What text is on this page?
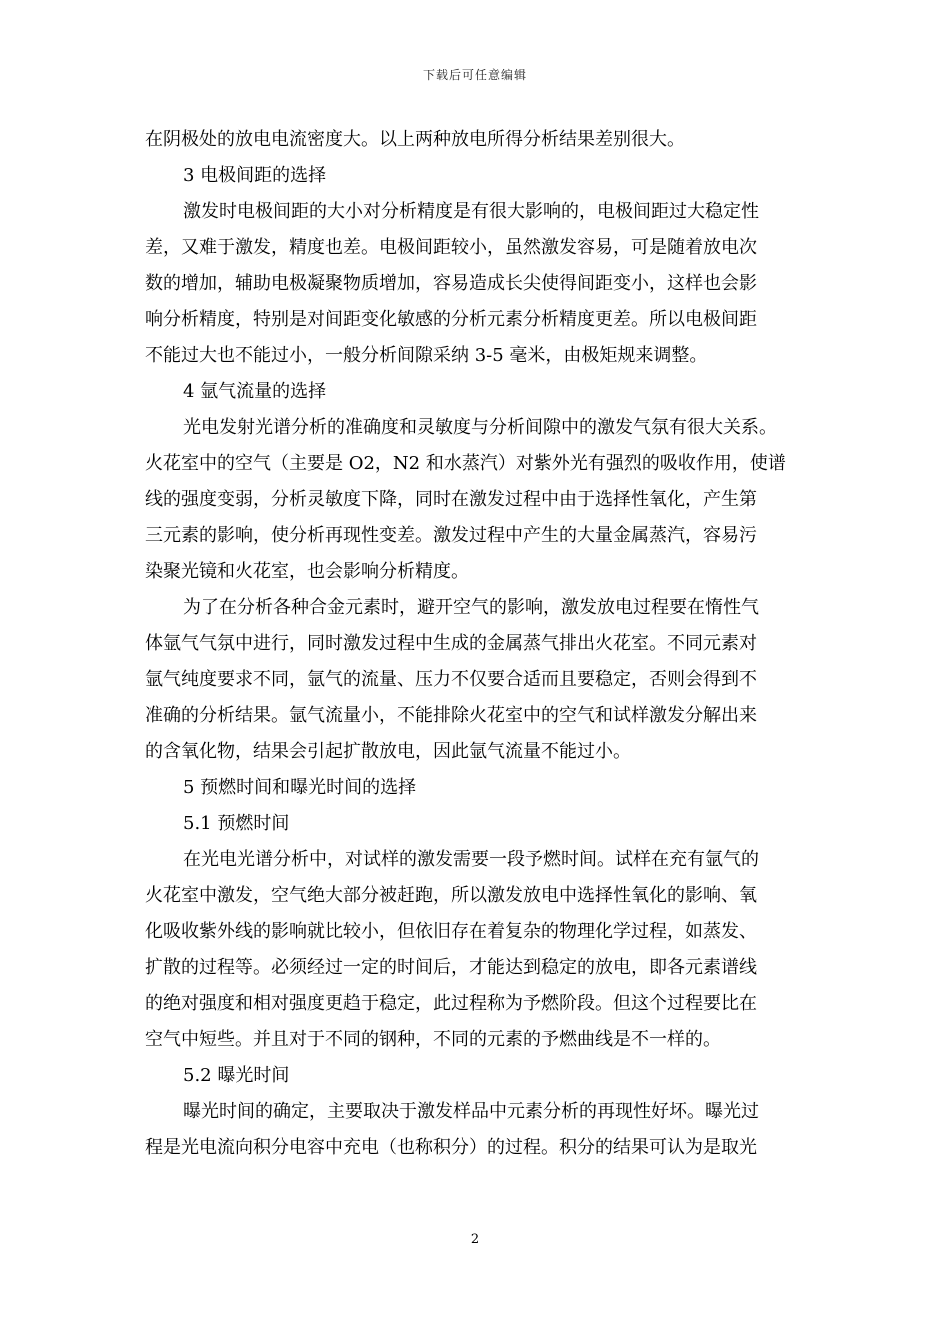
下载后可任意编辑
在阴极处的放电电流密度大。以上两种放电所得分析结果差别很大。
3 电极间距的选择
激发时电极间距的大小对分析精度是有很大影响的，电极间距过大稳定性
差，又难于激发，精度也差。电极间距较小，虽然激发容易，可是随着放电次
数的增加，辅助电极凝聚物质增加，容易造成长尖使得间距变小，这样也会影
响分析精度，特别是对间距变化敏感的分析元素分析精度更差。所以电极间距
不能过大也不能过小，一般分析间隙采纳 3-5 毫米，由极矩规来调整。
4 氩气流量的选择
光电发射光谱分析的准确度和灵敏度与分析间隙中的激发气氛有很大关系。
火花室中的空气（主要是 O2，N2 和水蒸汽）对紫外光有强烈的吸收作用，使谱
线的强度变弱，分析灵敏度下降，同时在激发过程中由于选择性氧化，产生第
三元素的影响，使分析再现性变差。激发过程中产生的大量金属蒸汽，容易污
染聚光镜和火花室，也会影响分析精度。
为了在分析各种合金元素时，避开空气的影响，激发放电过程要在惰性气
体氩气气氛中进行，同时激发过程中生成的金属蒸气排出火花室。不同元素对
氩气纯度要求不同，氩气的流量、压力不仅要合适而且要稳定，否则会得到不
准确的分析结果。氩气流量小，不能排除火花室中的空气和试样激发分解出来
的含氧化物，结果会引起扩散放电，因此氩气流量不能过小。
5 预燃时间和曝光时间的选择
5.1 预燃时间
在光电光谱分析中，对试样的激发需要一段予燃时间。试样在充有氩气的
火花室中激发，空气绝大部分被赶跑，所以激发放电中选择性氧化的影响、氧
化吸收紫外线的影响就比较小，但依旧存在着复杂的物理化学过程，如蒸发、
扩散的过程等。必须经过一定的时间后，才能达到稳定的放电，即各元素谱线
的绝对强度和相对强度更趋于稳定，此过程称为予燃阶段。但这个过程要比在
空气中短些。并且对于不同的钢种，不同的元素的予燃曲线是不一样的。
5.2 曝光时间
曝光时间的确定，主要取决于激发样品中元素分析的再现性好坏。曝光过
程是光电流向积分电容中充电（也称积分）的过程。积分的结果可认为是取光
2
